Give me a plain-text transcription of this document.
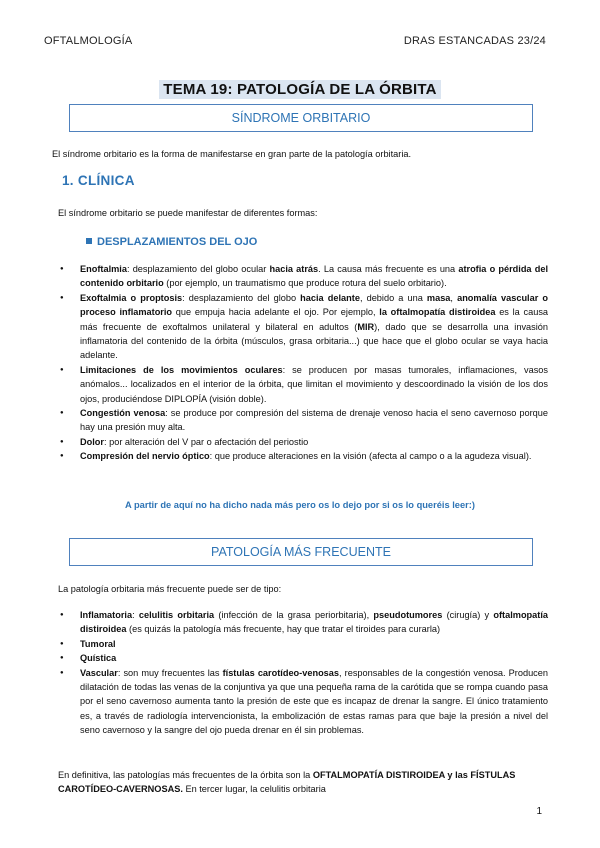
OFTALMOLOGÍA	DRAS ESTANCADAS 23/24
TEMA 19: PATOLOGÍA DE LA ÓRBITA
SÍNDROME ORBITARIO
El síndrome orbitario es la forma de manifestarse en gran parte de la patología orbitaria.
1. CLÍNICA
El síndrome orbitario se puede manifestar de diferentes formas:
DESPLAZAMIENTOS DEL OJO
● Enoftalmia: desplazamiento del globo ocular hacia atrás. La causa más frecuente es una atrofia o pérdida del contenido orbitario (por ejemplo, un traumatismo que produce rotura del suelo orbitario).
● Exoftalmia o proptosis: desplazamiento del globo hacia delante, debido a una masa, anomalía vascular o proceso inflamatorio que empuja hacia adelante el ojo. Por ejemplo, la oftalmopatía distiroidea es la causa más frecuente de exoftalmos unilateral y bilateral en adultos (MIR), dado que se desarrolla una invasión inflamatoria del contenido de la órbita (músculos, grasa orbitaria...) que hace que el globo ocular se vaya hacia adelante.
● Limitaciones de los movimientos oculares: se producen por masas tumorales, inflamaciones, vasos anómalos... localizados en el interior de la órbita, que limitan el movimiento y descoordinado la visión de los dos ojos, produciéndose DIPLOPÍA (visión doble).
● Congestión venosa: se produce por compresión del sistema de drenaje venoso hacia el seno cavernoso porque hay una presión muy alta.
● Dolor: por alteración del V par o afectación del periostio
● Compresión del nervio óptico: que produce alteraciones en la visión (afecta al campo o a la agudeza visual).
A partir de aquí no ha dicho nada más pero os lo dejo por si os lo queréis leer:)
PATOLOGÍA MÁS FRECUENTE
La patología orbitaria más frecuente puede ser de tipo:
● Inflamatoria: celulitis orbitaria (infección de la grasa periorbitaria), pseudotumores (cirugía) y oftalmopatía distiroidea (es quizás la patología más frecuente, hay que tratar el tiroides para curarla)
● Tumoral
● Quística
● Vascular: son muy frecuentes las fístulas carotídeo-venosas, responsables de la congestión venosa. Producen dilatación de todas las venas de la conjuntiva ya que una pequeña rama de la carótida que se rompa cuando pasa por el seno cavernoso aumenta tanto la presión de este que es incapaz de drenar la sangre. El único tratamiento es, a través de radiología intervencionista, la embolización de estas ramas para que baje la presión a nivel del seno cavernoso y la sangre del ojo pueda drenar en él sin problemas.
En definitiva, las patologías más frecuentes de la órbita son la OFTALMOPATÍA DISTIROIDEA y las FÍSTULAS CAROTÍDEO-CAVERNOSAS. En tercer lugar, la celulitis orbitaria
1
